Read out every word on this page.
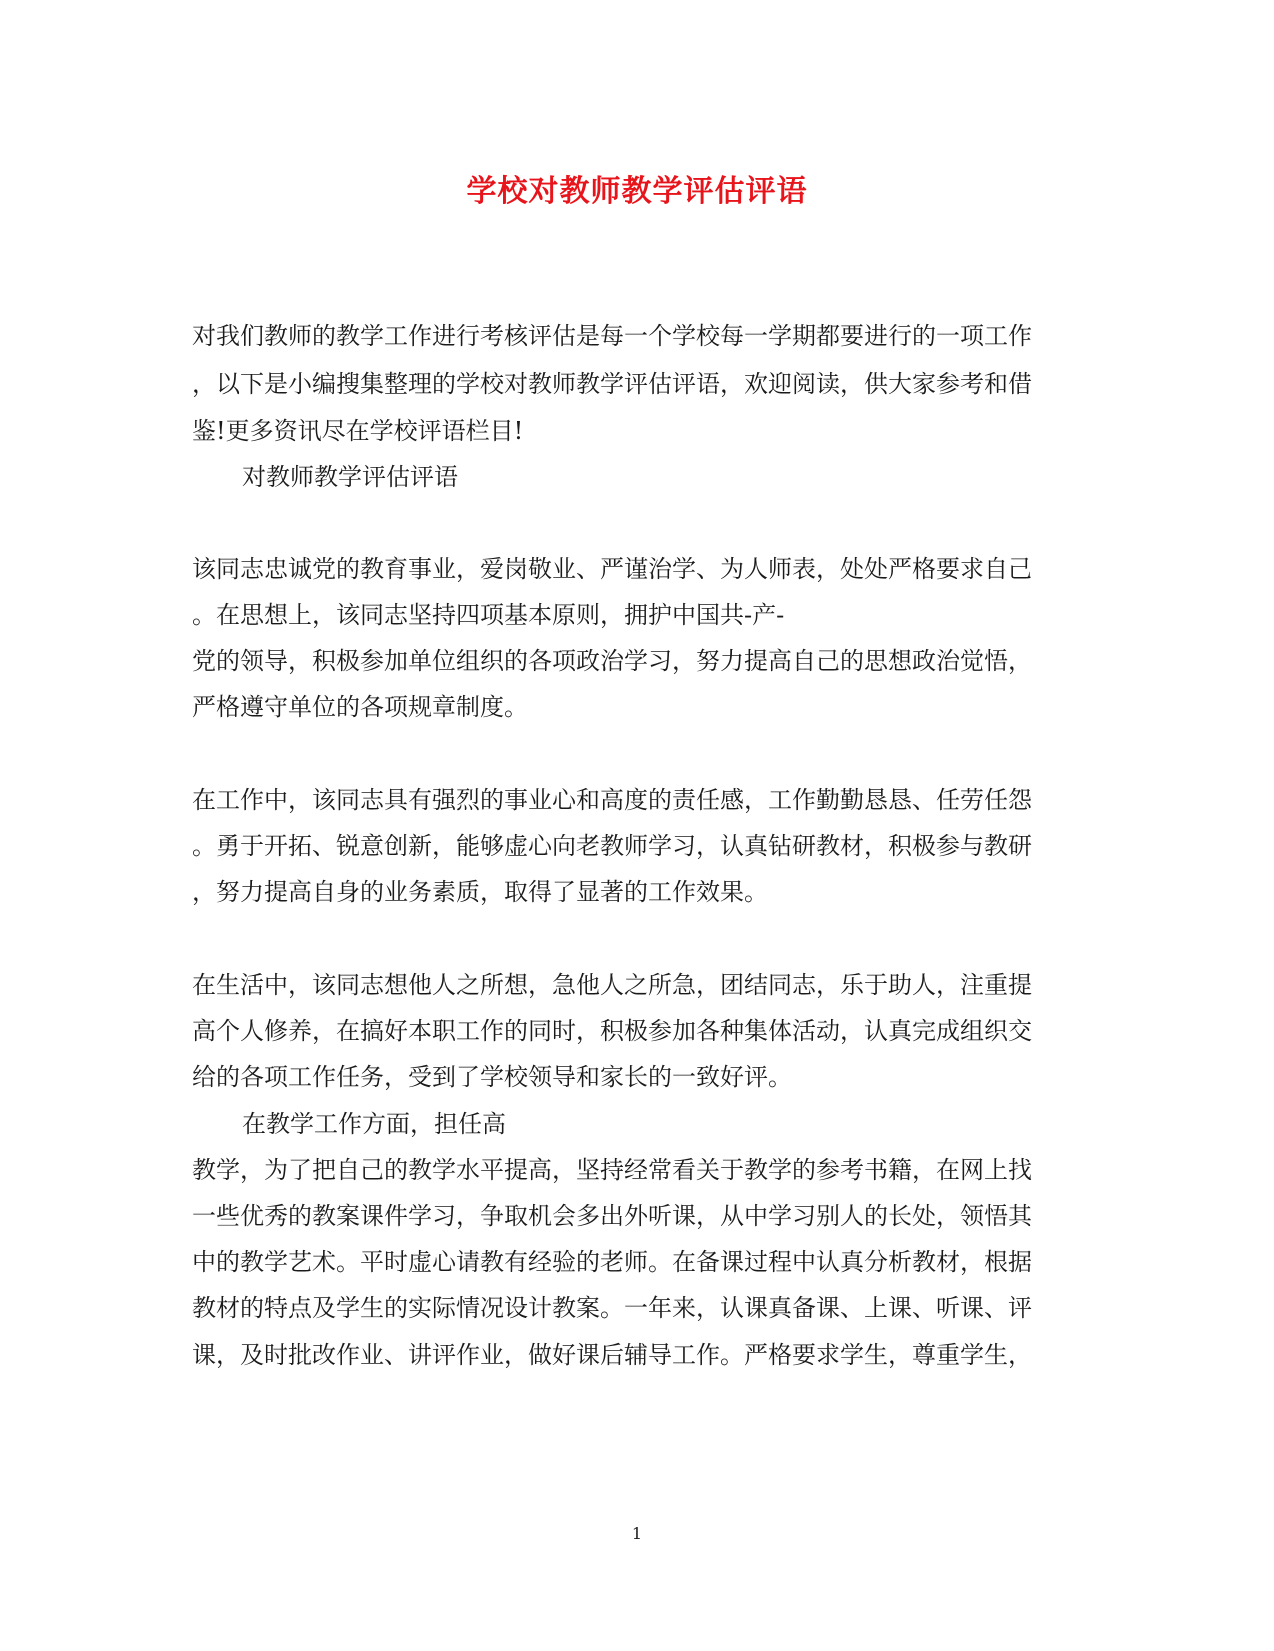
学校对教师教学评估评语
对我们教师的教学工作进行考核评估是每一个学校每一学期都要进行的一项工作
，以下是小编搜集整理的学校对教师教学评估评语，欢迎阅读，供大家参考和借
鉴!更多资讯尽在学校评语栏目!
对教师教学评估评语
该同志忠诚党的教育事业，爱岗敬业、严谨治学、为人师表，处处严格要求自己
。在思想上，该同志坚持四项基本原则，拥护中国共-产-
党的领导，积极参加单位组织的各项政治学习，努力提高自己的思想政治觉悟，
严格遵守单位的各项规章制度。
在工作中，该同志具有强烈的事业心和高度的责任感，工作勤勤恳恳、任劳任怨
。勇于开拓、锐意创新，能够虚心向老教师学习，认真钻研教材，积极参与教研
，努力提高自身的业务素质，取得了显著的工作效果。
在生活中，该同志想他人之所想，急他人之所急，团结同志，乐于助人，注重提
高个人修养，在搞好本职工作的同时，积极参加各种集体活动，认真完成组织交
给的各项工作任务，受到了学校领导和家长的一致好评。
在教学工作方面，担任高
教学，为了把自己的教学水平提高，坚持经常看关于教学的参考书籍，在网上找
一些优秀的教案课件学习，争取机会多出外听课，从中学习别人的长处，领悟其
中的教学艺术。平时虚心请教有经验的老师。在备课过程中认真分析教材，根据
教材的特点及学生的实际情况设计教案。一年来，认课真备课、上课、听课、评
课，及时批改作业、讲评作业，做好课后辅导工作。严格要求学生，尊重学生，
1
